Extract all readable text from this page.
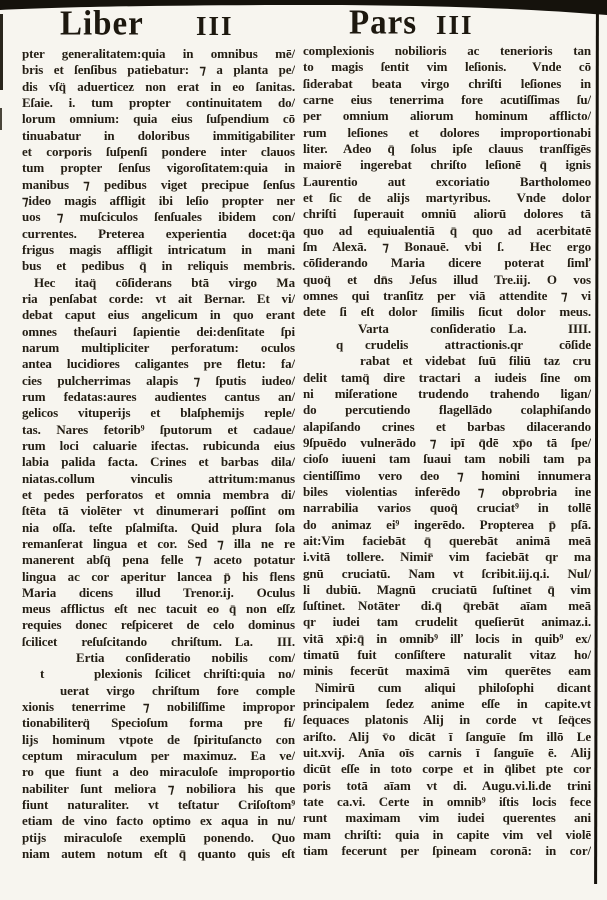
Liber III	Pars III
pter generalitatem:quia in omnibus mē/
bris et ſenſibus patiebatur: ⁊ a planta pe/
dis vſq̈ aduerticez non erat in eo ſanitas.
Eſaie. i. tum propter continuitatem do/
lorum omnium: quia eius ſuſpendium cō
tinuabatur in doloribus immitigabiliter
et corporis ſuſpenſi pondere inter clauos
tum propter ſenſus vigoroſitatem:quia in
manibus ⁊ pedibus viget precipue ſenſus
⁊ideo magis affligit ibi leſio propter ner
uos ⁊ muſciculos ſenſuales ibidem con/
currentes. Preterea experientia docet:q̈a
frigus magis affligit intricatum in mani
bus et pedibus q̄ in reliquis membris.
Hec itaq̈ cōſiderans btā virgo Ma
ria penſabat corde: vt ait Bernar. Et vi/
debat caput eius angelicum in quo erant
omnes theſauri ſapientie dei:denſitate ſpi
narum multipliciter perforatum: oculos
antea lucidiores caligantes pre fletu: fa/
cies pulcherrimas alapis ⁊ ſputis iudeo/
rum fedatas:aures audientes cantus an/
gelicos vituperijs et blaſphemijs reple/
tas. Nares fetorib⁹ ſputorum et cadaue/
rum loci caluarie ifectas. rubicunda eius
labia palida facta. Crines et barbas dila/
niatas.collum vinculis attritum:manus
et pedes perforatos et omnia membra di/
ſtēta tā violēter vt dinumerari poſſint om
nia oſſa. teſte pſalmiſta. Quid plura ſola
remanſerat lingua et cor. Sed ⁊ illa ne re
manerent abſq̈ pena felle ⁊ aceto potatur
lingua ac cor aperitur lancea p̄ his flens
Maria dicens illud Trenor.ij. Oculus
meus afflictus eſt nec tacuit eo q̄ non eſſz
requies donec reſpiceret de celo dominus
ſcilicet reſuſcitando chriſtum. La. III.
Ertia conſideratio nobilis com/
t	plexionis ſcilicet chriſti:quia no/
uerat virgo chriſtum fore comple
xionis tenerrime ⁊ nobiliſſime impropor
tionabiliterq̈ Specioſum forma pre fi/
lijs hominum vtpote de ſpirituſancto con
ceptum miraculum per maximuz. Ea ve/
ro que fiunt a deo miraculoſe improportio
nabiliter ſunt meliora ⁊ nobiliora his que
fiunt naturaliter. vt teſtatur Criſoſtom⁹
etiam de vino facto optimo ex aqua in nu/
ptijs miraculoſe exemplū ponendo. Quo
niam autem notum eſt q̄ quanto quis eſt
complexionis nobilioris ac tenerioris tan
to magis ſentit vim leſionis.  Vnde cō
ſiderabat beata virgo chriſti leſiones in
carne eius tenerrima fore acutiſſimas ſu/
per omnium aliorum hominum afflicto/
rum leſiones et dolores improportionabi
liter. Adeo q̄ ſolus ipſe clauus tranſfigēs
maiorē ingerebat chriſto leſionē q̄ ignis
Laurentio aut excoriatio Bartholomeo
et ſic de alijs martyribus.  Vnde dolor
chriſti ſuperauit omniū aliorū dolores tā
quo ad equiualentiā q̄ quo ad acerbitatē
ſm Alexā. ⁊ Bonauē. vbi ſ.  Hec ergo
cōſiderando Maria dicere poterat ſimľ
quoq̈ et dn̄s Jeſus illud Tre.iij. O vos
omnes qui tranſitz per viā attendite ⁊ vi
dete ſi eſt dolor ſimilis ſicut dolor meus.
Varta conſideratio La. IIII.
q crudelis attractionis.qr cōſide
rabat et videbat ſuū filiū taz cru
delit tamq̈ dire tractari a iudeis ſine om
ni miſeratione trudendo trahendo ligan/
do percutiendo flagellādo colaphiſando
alapiſando crines et barbas dilacerando
9ſpuēdo vulnerādo ⁊ ipī q̄dē xp̄o tā ſpe/
cioſo iuueni tam ſuaui tam nobili tam pa
cientiſſimo vero deo ⁊ homini innumera
biles violentias inferēdo ⁊ obprobria ine
narrabilia varios quoq̈ cruciat⁹ in tollē
do animaz ei⁹ ingerēdo. Propterea p̄ pſā.
ait:Vim faciebāt q̄ querebāt animā meā
i.vitā tollere. Nimir̄ vim faciebāt qr ma
gnū cruciatū. Nam vt ſcribit.iij.q.i. Nul/
li dubiū. Magnū cruciatū ſuſtinet q̄ vim
ſuſtinet. Notāter di.q̄ q̄rebāt aīam meā
qr iudei tam crudelit queſierūt animaz.i.
vitā xp̄i:q̄ in omnib⁹ ilľ locis in quib⁹ ex/
timatū fuit conſiſtere naturalit vitaz ho/
minis fecerūt maximā vim querētes eam
Nimirū cum aliqui philoſophi dicant
principalem ſedez anime eſſe in capite.vt
ſequaces platonis Alij in corde vt ſeq̈ces
ariſto. Alij v̄o dicāt ī ſanguīe ſm illō Le
uit.xvij. Anīa oīs carnis ī ſanguīe ē. Alij
dicūt eſſe in toto corpe et in q̄libet pte cor
poris totā aīam vt di. Augu.vi.li.de trini
tate ca.vi. Certe in omnib⁹ iſtis locis fece
runt maximam vim iudei querentes ani
mam chriſti: quia in capite vim vel violē
tiam fecerunt per ſpineam coronā: in cor/
